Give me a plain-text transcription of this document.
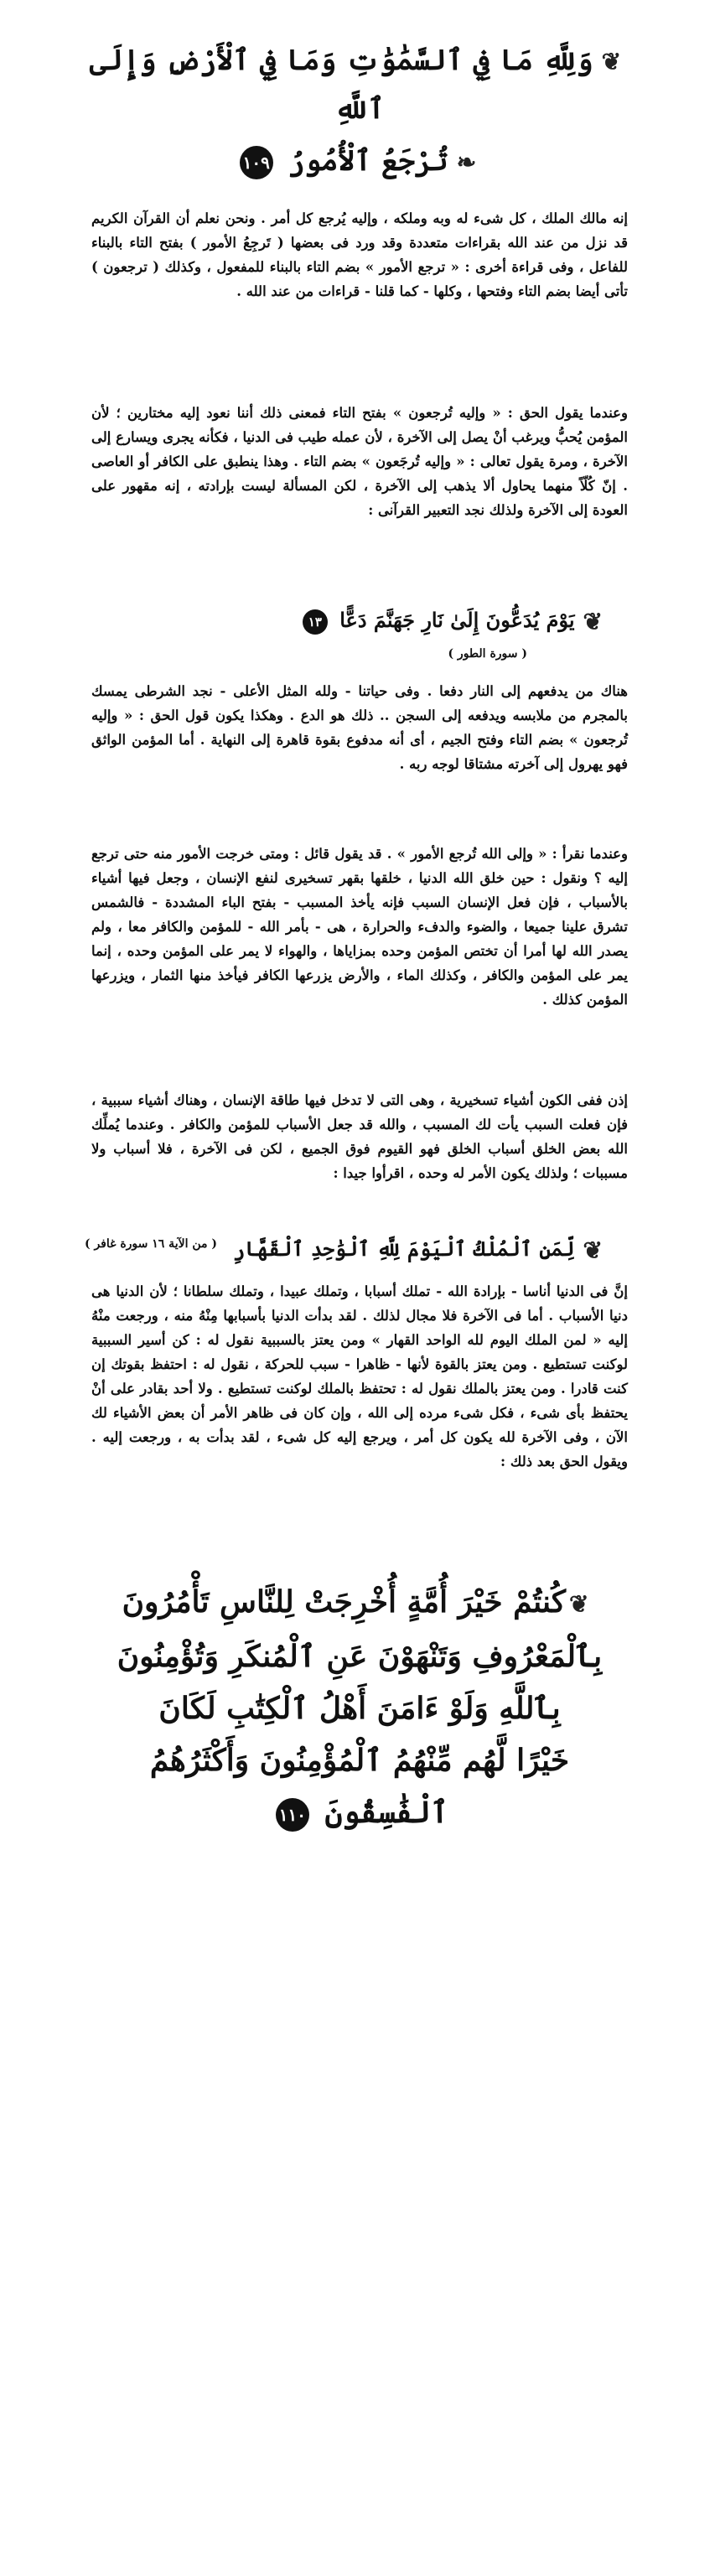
❦وَلِلَّهِ مَا فِي ٱلسَّمَٰوَٰتِ وَمَا فِي ٱلْأَرْضِ وَإِلَى ٱللَّهِ
❧تُرْجَعُ ٱلْأُمُورُ ١٠٩

إنه مالك الملك ، كل شىء له وبه وملكه ، وإليه يُرجع كل أمر . ونحن نعلم أن القرآن الكريم قد نزل من عند الله بقراءات متعددة وقد ورد فى بعضها ( تَرجِعُ الأمور ) بفتح التاء بالبناء للفاعل ، وفى قراءة أخرى : « ترجع الأمور » بضم التاء بالبناء للمفعول ، وكذلك ( ترجعون ) تأتى أيضا بضم التاء وفتحها ، وكلها - كما قلنا - قراءات من عند الله .

وعندما يقول الحق : « وإليه تُرجعون » بفتح التاء فمعنى ذلك أننا نعود إليه مختارين ؛ لأن المؤمن يُحبُّ ويرغب أنْ يصل إلى الآخرة ، لأن عمله طيب فى الدنيا ، فكأنه يجرى ويسارع إلى الآخرة ، ومرة يقول تعالى : « وإليه تُرجَعون » بضم التاء . وهذا ينطبق على الكافر أو العاصى . إنّ كُلّاً منهما يحاول ألا يذهب إلى الآخرة ، لكن المسألة ليست بإرادته ، إنه مقهور على العودة إلى الآخرة ولذلك نجد التعبير القرآنى :

❦يَوْمَ يُدَعُّونَ إِلَىٰ نَارِ جَهَنَّمَ دَعًّا ١٣
( سورة الطور )

هناك من يدفعهم إلى النار دفعا . وفى حياتنا - ولله المثل الأعلى - نجد الشرطى يمسك بالمجرم من ملابسه ويدفعه إلى السجن .. ذلك هو الدع . وهكذا يكون قول الحق : « وإليه تُرجعون » بضم التاء وفتح الجيم ، أى أنه مدفوع بقوة قاهرة إلى النهاية . أما المؤمن الواثق فهو يهرول إلى آخرته مشتاقا لوجه ربه .

وعندما نقرأ : « وإلى الله تُرجع الأمور » . قد يقول قائل : ومتى خرجت الأمور منه حتى ترجع إليه ؟ ونقول : حين خلق الله الدنيا ، خلقها بقهر تسخيرى لنفع الإنسان ، وجعل فيها أشياء بالأسباب ، فإن فعل الإنسان السبب فإنه يأخذ المسبب - بفتح الباء المشددة - فالشمس تشرق علينا جميعا ، والضوء والدفء والحرارة ، هى - بأمر الله - للمؤمن والكافر معا ، ولم يصدر الله لها أمرا أن تختص المؤمن وحده بمزاياها ، والهواء لا يمر على المؤمن وحده ، إنما يمر على المؤمن والكافر ، وكذلك الماء ، والأرض يزرعها الكافر فيأخذ منها الثمار ، ويزرعها المؤمن كذلك .

إذن ففى الكون أشياء تسخيرية ، وهى التى لا تدخل فيها طاقة الإنسان ، وهناك أشياء سببية ، فإن فعلت السبب يأت لك المسبب ، والله قد جعل الأسباب للمؤمن والكافر . وعندما يُملِّك الله بعض الخلق أسباب الخلق فهو القيوم فوق الجميع ، لكن فى الآخرة ، فلا أسباب ولا مسببات ؛ ولذلك يكون الأمر له وحده ، اقرأوا جيدا :

❦لِّمَنِ ٱلْمُلْكُ ٱلْيَوْمَ لِلَّهِ ٱلْوَٰحِدِ ٱلْقَهَّارِ
( من الآية ١٦ سورة غافر )

إنَّ فى الدنيا أناسا - بإرادة الله - تملك أسبابا ، وتملك عبيدا ، وتملك سلطانا ؛ لأن الدنيا هى دنيا الأسباب . أما فى الآخرة فلا مجال لذلك . لقد بدأت الدنيا بأسبابها مِنْهُ منه ، ورجعت منْهُ إليه « لمن الملك اليوم لله الواحد القهار » ومن يعتز بالسببية نقول له : كن أسير السببية لوكنت تستطيع . ومن يعتز بالقوة لأنها - ظاهرا - سبب للحركة ، نقول له : احتفظ بقوتك إن كنت قادرا . ومن يعتز بالملك نقول له : تحتفظ بالملك لوكنت تستطيع . ولا أحد بقادر على أنْ يحتفظ بأى شىء ، فكل شىء مرده إلى الله ، وإن كان فى ظاهر الأمر أن بعض الأشياء لك الآن ، وفى الآخرة لله يكون كل أمر ، ويرجع إليه كل شىء ، لقد بدأت به ، ورجعت إليه . ويقول الحق بعد ذلك :

❦كُنتُمْ خَيْرَ أُمَّةٍ أُخْرِجَتْ لِلنَّاسِ تَأْمُرُونَ
بِٱلْمَعْرُوفِ وَتَنْهَوْنَ عَنِ ٱلْمُنكَرِ وَتُؤْمِنُونَ
بِٱللَّهِ وَلَوْ ءَامَنَ أَهْلُ ٱلْكِتَٰبِ لَكَانَ
خَيْرًا لَّهُم مِّنْهُمُ ٱلْمُؤْمِنُونَ وَأَكْثَرُهُمُ
ٱلْفَٰسِقُونَ ١١٠
